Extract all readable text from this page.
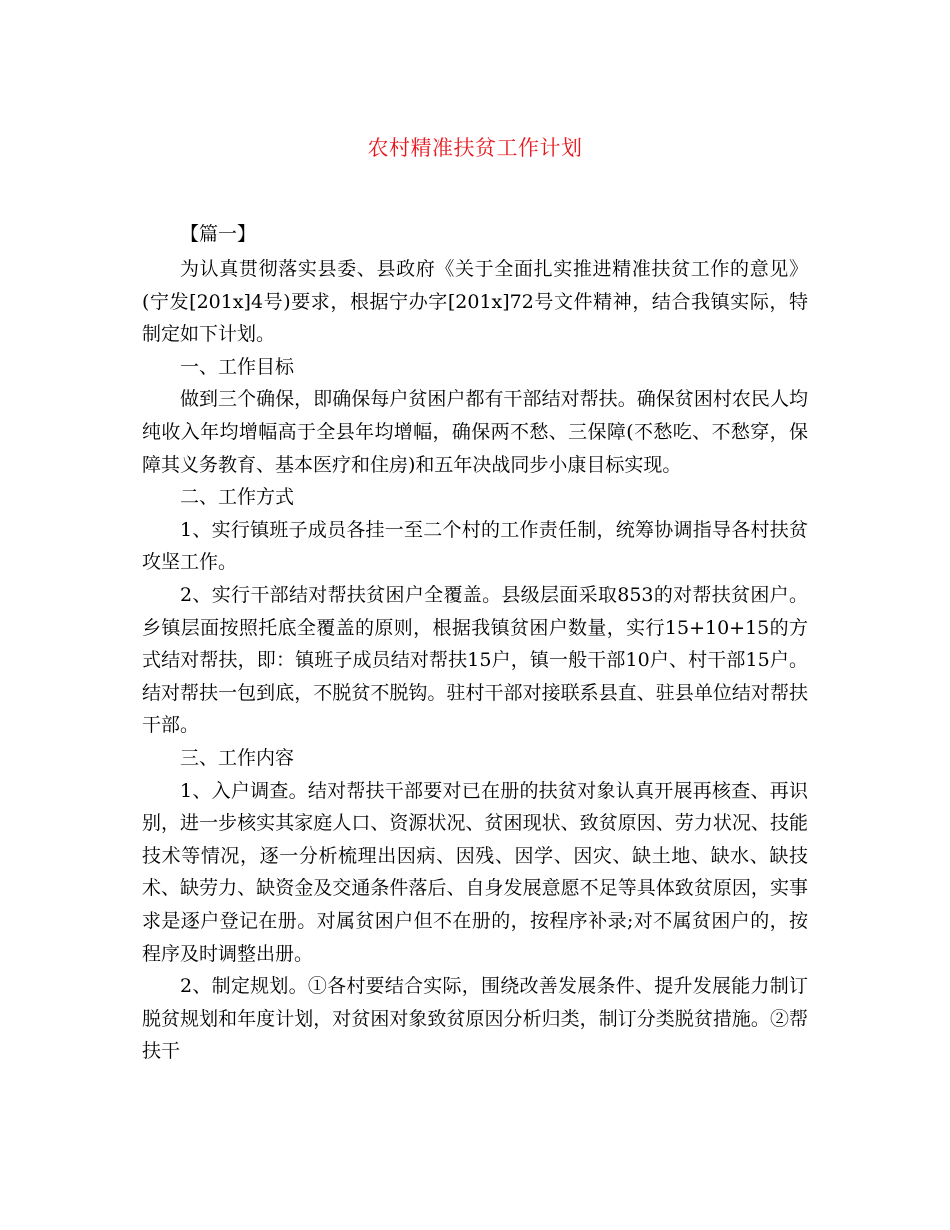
农村精准扶贫工作计划

【篇一】

为认真贯彻落实县委、县政府《关于全面扎实推进精准扶贫工作的意见》(宁发[201x]4号)要求，根据宁办字[201x]72号文件精神，结合我镇实际，特制定如下计划。

一、工作目标

做到三个确保，即确保每户贫困户都有干部结对帮扶。确保贫困村农民人均纯收入年均增幅高于全县年均增幅，确保两不愁、三保障(不愁吃、不愁穿，保障其义务教育、基本医疗和住房)和五年决战同步小康目标实现。

二、工作方式

1、实行镇班子成员各挂一至二个村的工作责任制，统筹协调指导各村扶贫攻坚工作。

2、实行干部结对帮扶贫困户全覆盖。县级层面采取853的对帮扶贫困户。乡镇层面按照托底全覆盖的原则，根据我镇贫困户数量，实行15+10+15的方式结对帮扶，即：镇班子成员结对帮扶15户，镇一般干部10户、村干部15户。结对帮扶一包到底，不脱贫不脱钩。驻村干部对接联系县直、驻县单位结对帮扶干部。

三、工作内容

1、入户调查。结对帮扶干部要对已在册的扶贫对象认真开展再核查、再识别，进一步核实其家庭人口、资源状况、贫困现状、致贫原因、劳力状况、技能技术等情况，逐一分析梳理出因病、因残、因学、因灾、缺土地、缺水、缺技术、缺劳力、缺资金及交通条件落后、自身发展意愿不足等具体致贫原因，实事求是逐户登记在册。对属贫困户但不在册的，按程序补录;对不属贫困户的，按程序及时调整出册。

2、制定规划。①各村要结合实际，围绕改善发展条件、提升发展能力制订脱贫规划和年度计划，对贫困对象致贫原因分析归类，制订分类脱贫措施。②帮扶干
